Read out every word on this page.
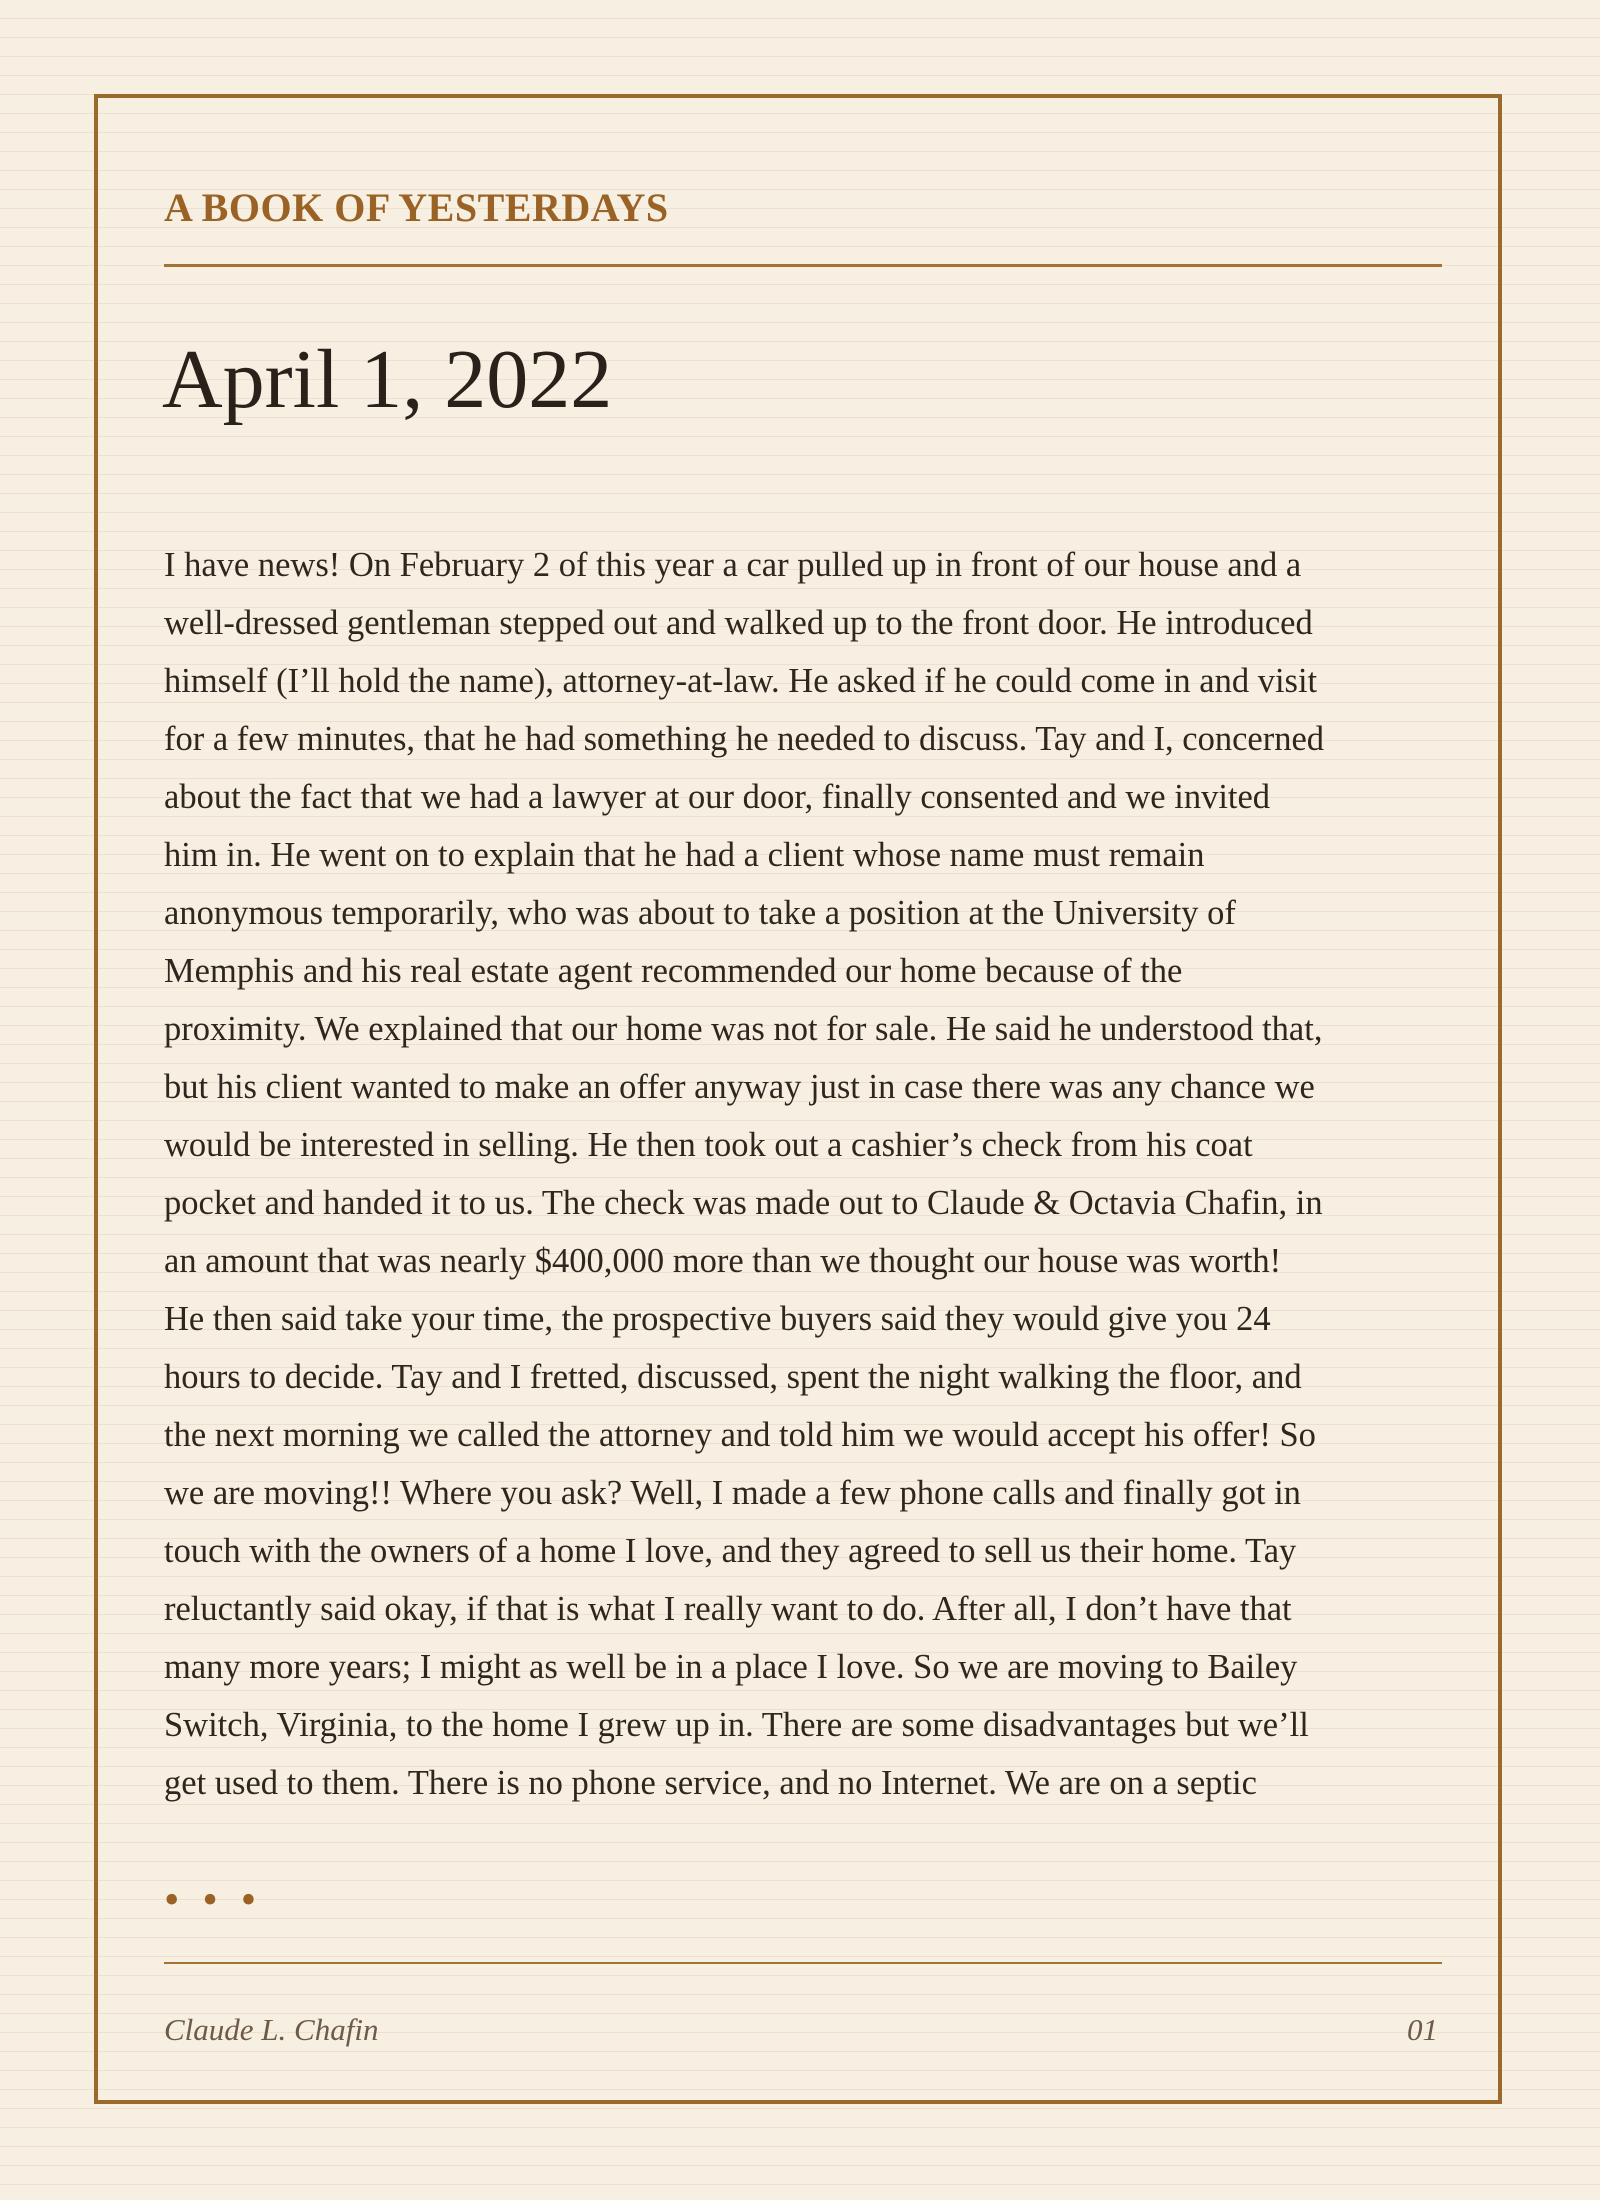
A BOOK OF YESTERDAYS
April 1, 2022

I have news! On February 2 of this year a car pulled up in front of our house and a
well-dressed gentleman stepped out and walked up to the front door. He introduced
himself (I’ll hold the name), attorney-at-law. He asked if he could come in and visit
for a few minutes, that he had something he needed to discuss. Tay and I, concerned
about the fact that we had a lawyer at our door, finally consented and we invited
him in. He went on to explain that he had a client whose name must remain
anonymous temporarily, who was about to take a position at the University of
Memphis and his real estate agent recommended our home because of the
proximity. We explained that our home was not for sale. He said he understood that,
but his client wanted to make an offer anyway just in case there was any chance we
would be interested in selling. He then took out a cashier’s check from his coat
pocket and handed it to us. The check was made out to Claude & Octavia Chafin, in
an amount that was nearly $400,000 more than we thought our house was worth!
He then said take your time, the prospective buyers said they would give you 24
hours to decide. Tay and I fretted, discussed, spent the night walking the floor, and
the next morning we called the attorney and told him we would accept his offer! So
we are moving!! Where you ask? Well, I made a few phone calls and finally got in
touch with the owners of a home I love, and they agreed to sell us their home. Tay
reluctantly said okay, if that is what I really want to do. After all, I don’t have that
many more years; I might as well be in a place I love. So we are moving to Bailey
Switch, Virginia, to the home I grew up in. There are some disadvantages but we’ll
get used to them. There is no phone service, and no Internet. We are on a septic

• • •
Claude L. Chafin	01
